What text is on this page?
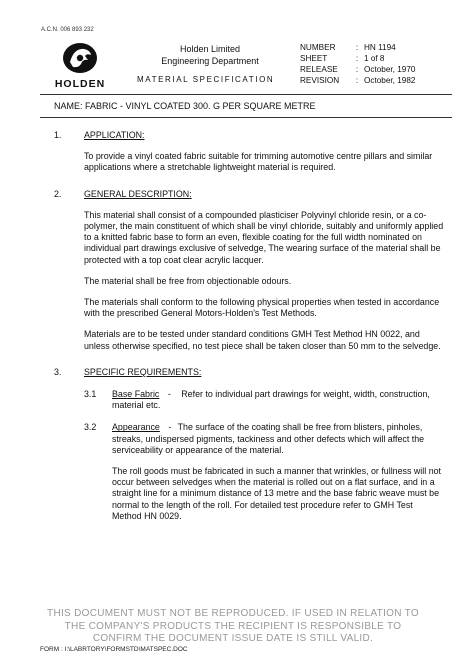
A.C.N. 006 893 232
HOLDEN
Holden Limited
Engineering Department
MATERIAL SPECIFICATION
NUMBER	:	HN 1194
SHEET	:	1 of 8
RELEASE	:	October, 1970
REVISION	:	October, 1982
NAME: FABRIC - VINYL COATED 300. G PER SQUARE METRE
1.	APPLICATION:
To provide a vinyl coated fabric suitable for trimming automotive centre pillars and similar applications where a stretchable lightweight material is required.
2.	GENERAL DESCRIPTION:
This material shall consist of a compounded plasticiser Polyvinyl chloride resin, or a co-polymer, the main constituent of which shall be vinyl chloride, suitably and uniformly applied to a knitted fabric base to form an even, flexible coating for the full width nominated on individual part drawings exclusive of selvedge, The wearing surface of the material shall be protected with a top coat clear acrylic lacquer.
The material shall be free from objectionable odours.
The materials shall conform to the following physical properties when tested in accordance with the prescribed General Motors-Holden's Test Methods.
Materials are to be tested under standard conditions GMH Test Method HN 0022, and unless otherwise specified, no test piece shall be taken closer than 50 mm to the selvedge.
3.	SPECIFIC REQUIREMENTS:
3.1 Base Fabric - Refer to individual part drawings for weight, width, construction, material etc.
3.2 Appearance - The surface of the coating shall be free from blisters, pinholes, streaks, undispersed pigments, tackiness and other defects which will affect the serviceability or appearance of the material.
The roll goods must be fabricated in such a manner that wrinkles, or fullness will not occur between selvedges when the material is rolled out on a flat surface, and in a straight line for a minimum distance of 13 metre and the base fabric weave must be normal to the length of the roll. For detailed test procedure refer to GMH Test Method HN 0029.
THIS DOCUMENT MUST NOT BE REPRODUCED. IF USED IN RELATION TO
THE COMPANY'S PRODUCTS THE RECIPIENT IS RESPONSIBLE TO
CONFIRM THE DOCUMENT ISSUE DATE IS STILL VALID.
FORM : I:\LABRTORY\FORMSTD\MATSPEC.DOC
